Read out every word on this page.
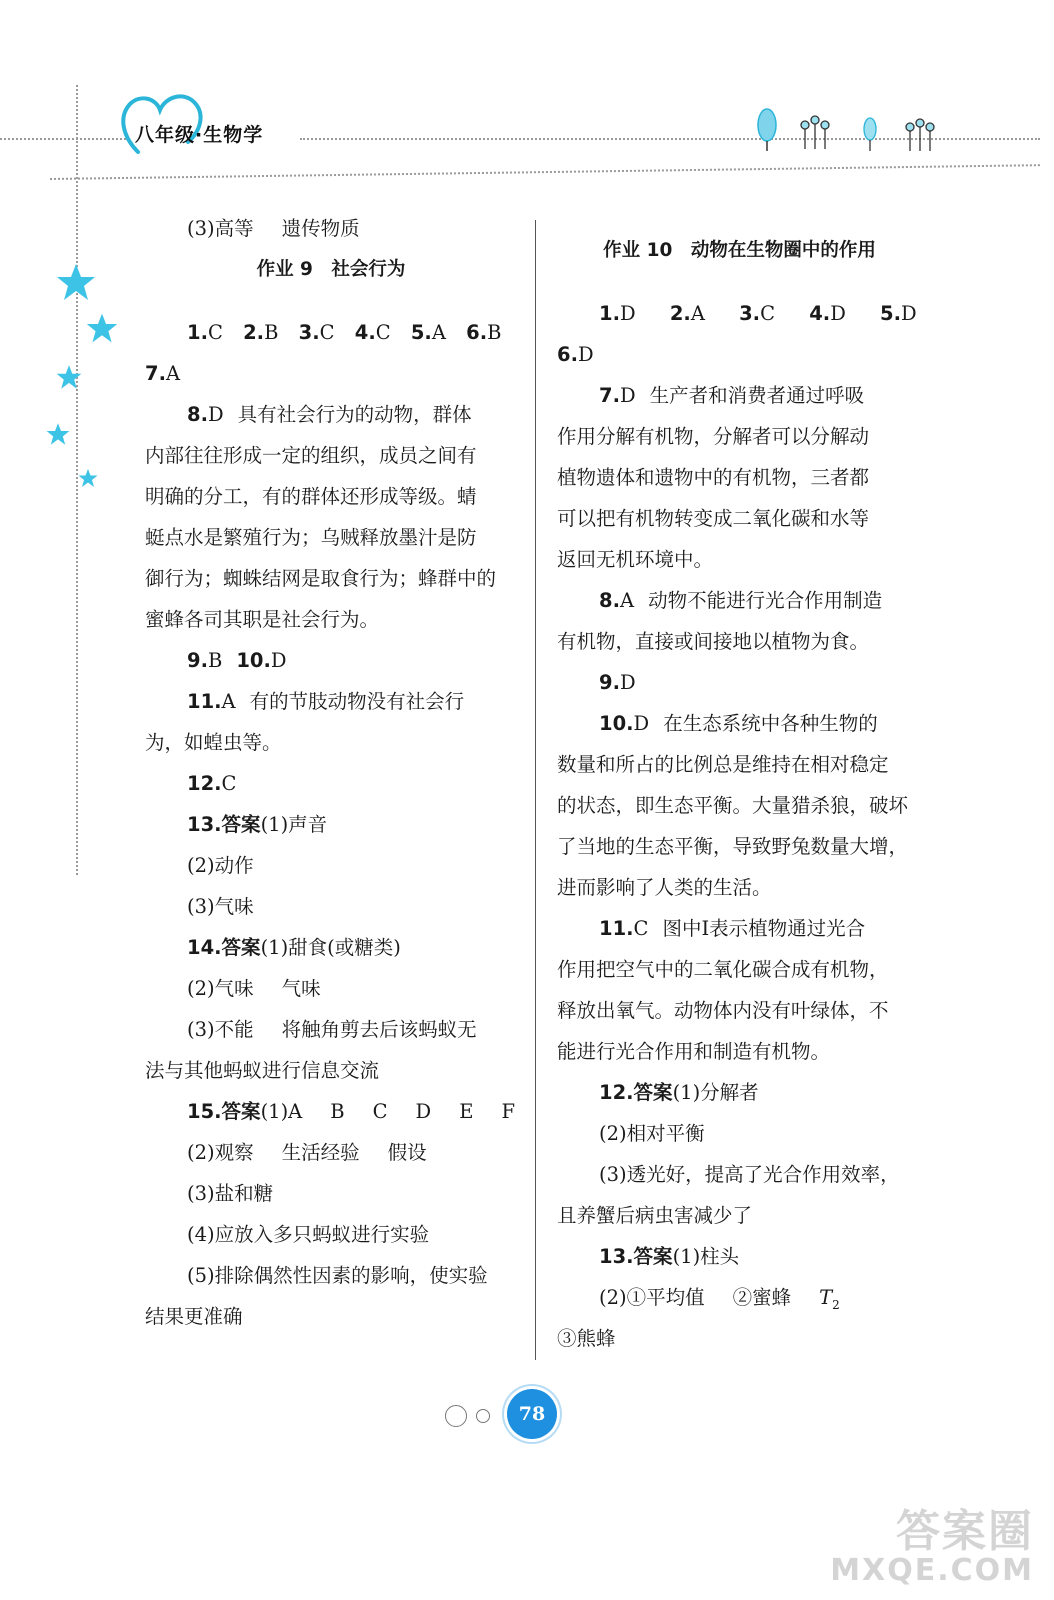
八年级·生物学
(3)高等 遗传物质
作业 9　社会行为
1.C 2.B 3.C 4.C 5.A 6.B
7.A
8.D 具有社会行为的动物，群体
内部往往形成一定的组织，成员之间有
明确的分工，有的群体还形成等级。蜻
蜓点水是繁殖行为；乌贼释放墨汁是防
御行为；蜘蛛结网是取食行为；蜂群中的
蜜蜂各司其职是社会行为。
9.B 10.D
11.A 有的节肢动物没有社会行
为，如蝗虫等。
12.C
13.答案(1)声音
(2)动作
(3)气味
14.答案(1)甜食(或糖类)
(2)气味 气味
(3)不能 将触角剪去后该蚂蚁无
法与其他蚂蚁进行信息交流
15.答案(1)A B C D E F
(2)观察 生活经验 假设
(3)盐和糖
(4)应放入多只蚂蚁进行实验
(5)排除偶然性因素的影响，使实验
结果更准确
作业 10　动物在生物圈中的作用
1.D 2.A 3.C 4.D 5.D
6.D
7.D 生产者和消费者通过呼吸
作用分解有机物，分解者可以分解动
植物遗体和遗物中的有机物，三者都
可以把有机物转变成二氧化碳和水等
返回无机环境中。
8.A 动物不能进行光合作用制造
有机物，直接或间接地以植物为食。
9.D
10.D 在生态系统中各种生物的
数量和所占的比例总是维持在相对稳定
的状态，即生态平衡。大量猎杀狼，破坏
了当地的生态平衡，导致野兔数量大增，
进而影响了人类的生活。
11.C 图中Ⅰ表示植物通过光合
作用把空气中的二氧化碳合成有机物，
释放出氧气。动物体内没有叶绿体，不
能进行光合作用和制造有机物。
12.答案(1)分解者
(2)相对平衡
(3)透光好，提高了光合作用效率，
且养蟹后病虫害减少了
13.答案(1)柱头
(2)①平均值 ②蜜蜂 $T_2$
③熊蜂
78
答案圈
MXQE.COM
